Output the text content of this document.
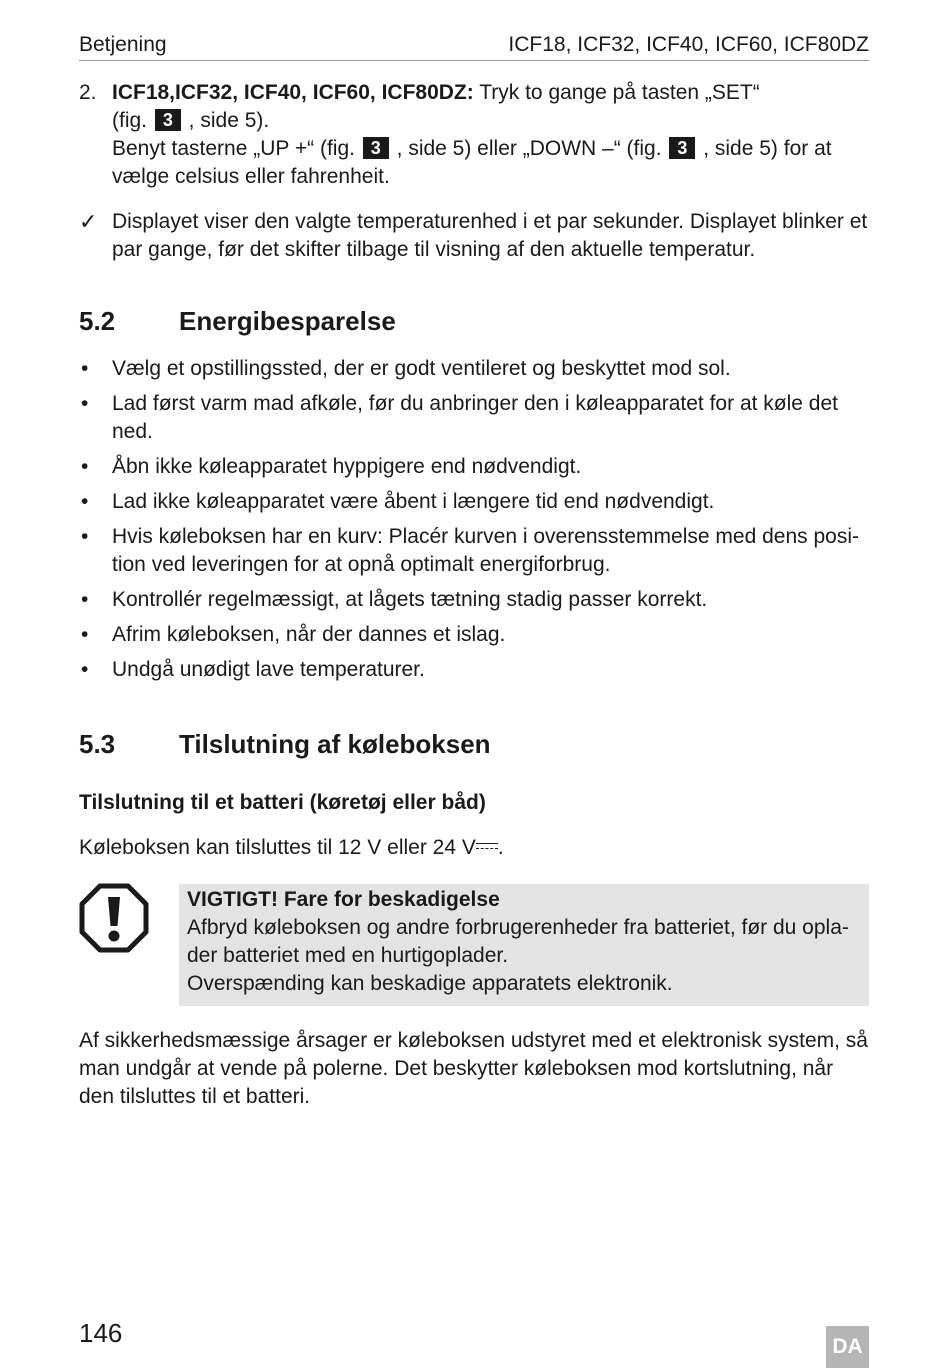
Betjening	ICF18, ICF32, ICF40, ICF60, ICF80DZ
2. ICF18,ICF32, ICF40, ICF60, ICF80DZ: Tryk to gange på tasten „SET“

(fig. 3 , side 5).

Benyt tasterne „UP +“ (fig. 3 , side 5) eller „DOWN –“ (fig. 3 , side 5) for at vælge celsius eller fahrenheit.

✓ Displayet viser den valgte temperaturenhed i et par sekunder. Displayet blinker et par gange, før det skifter tilbage til visning af den aktuelle temperatur.
5.2	Energibesparelse
• Vælg et opstillingssted, der er godt ventileret og beskyttet mod sol.
• Lad først varm mad afkøle, før du anbringer den i køleapparatet for at køle det ned.
• Åbn ikke køleapparatet hyppigere end nødvendigt.
• Lad ikke køleapparatet være åbent i længere tid end nødvendigt.
• Hvis køleboksen har en kurv: Placér kurven i overensstemmelse med dens position ved leveringen for at opnå optimalt energiforbrug.
• Kontrollér regelmæssigt, at lågets tætning stadig passer korrekt.
• Afrim køleboksen, når der dannes et islag.
• Undgå unødigt lave temperaturer.
5.3	Tilslutning af køleboksen
Tilslutning til et batteri (køretøj eller båd)
Køleboksen kan tilsluttes til 12 V eller 24 V .

VIGTIGT! Fare for beskadigelse

Afbryd køleboksen og andre forbrugerenheder fra batteriet, før du oplader batteriet med en hurtigoplader.

Overspænding kan beskadige apparatets elektronik.

Af sikkerhedsmæssige årsager er køleboksen udstyret med et elektronisk system, så man undgår at vende på polerne. Det beskytter køleboksen mod kortslutning, når den tilsluttes til et batteri.

146	DA
